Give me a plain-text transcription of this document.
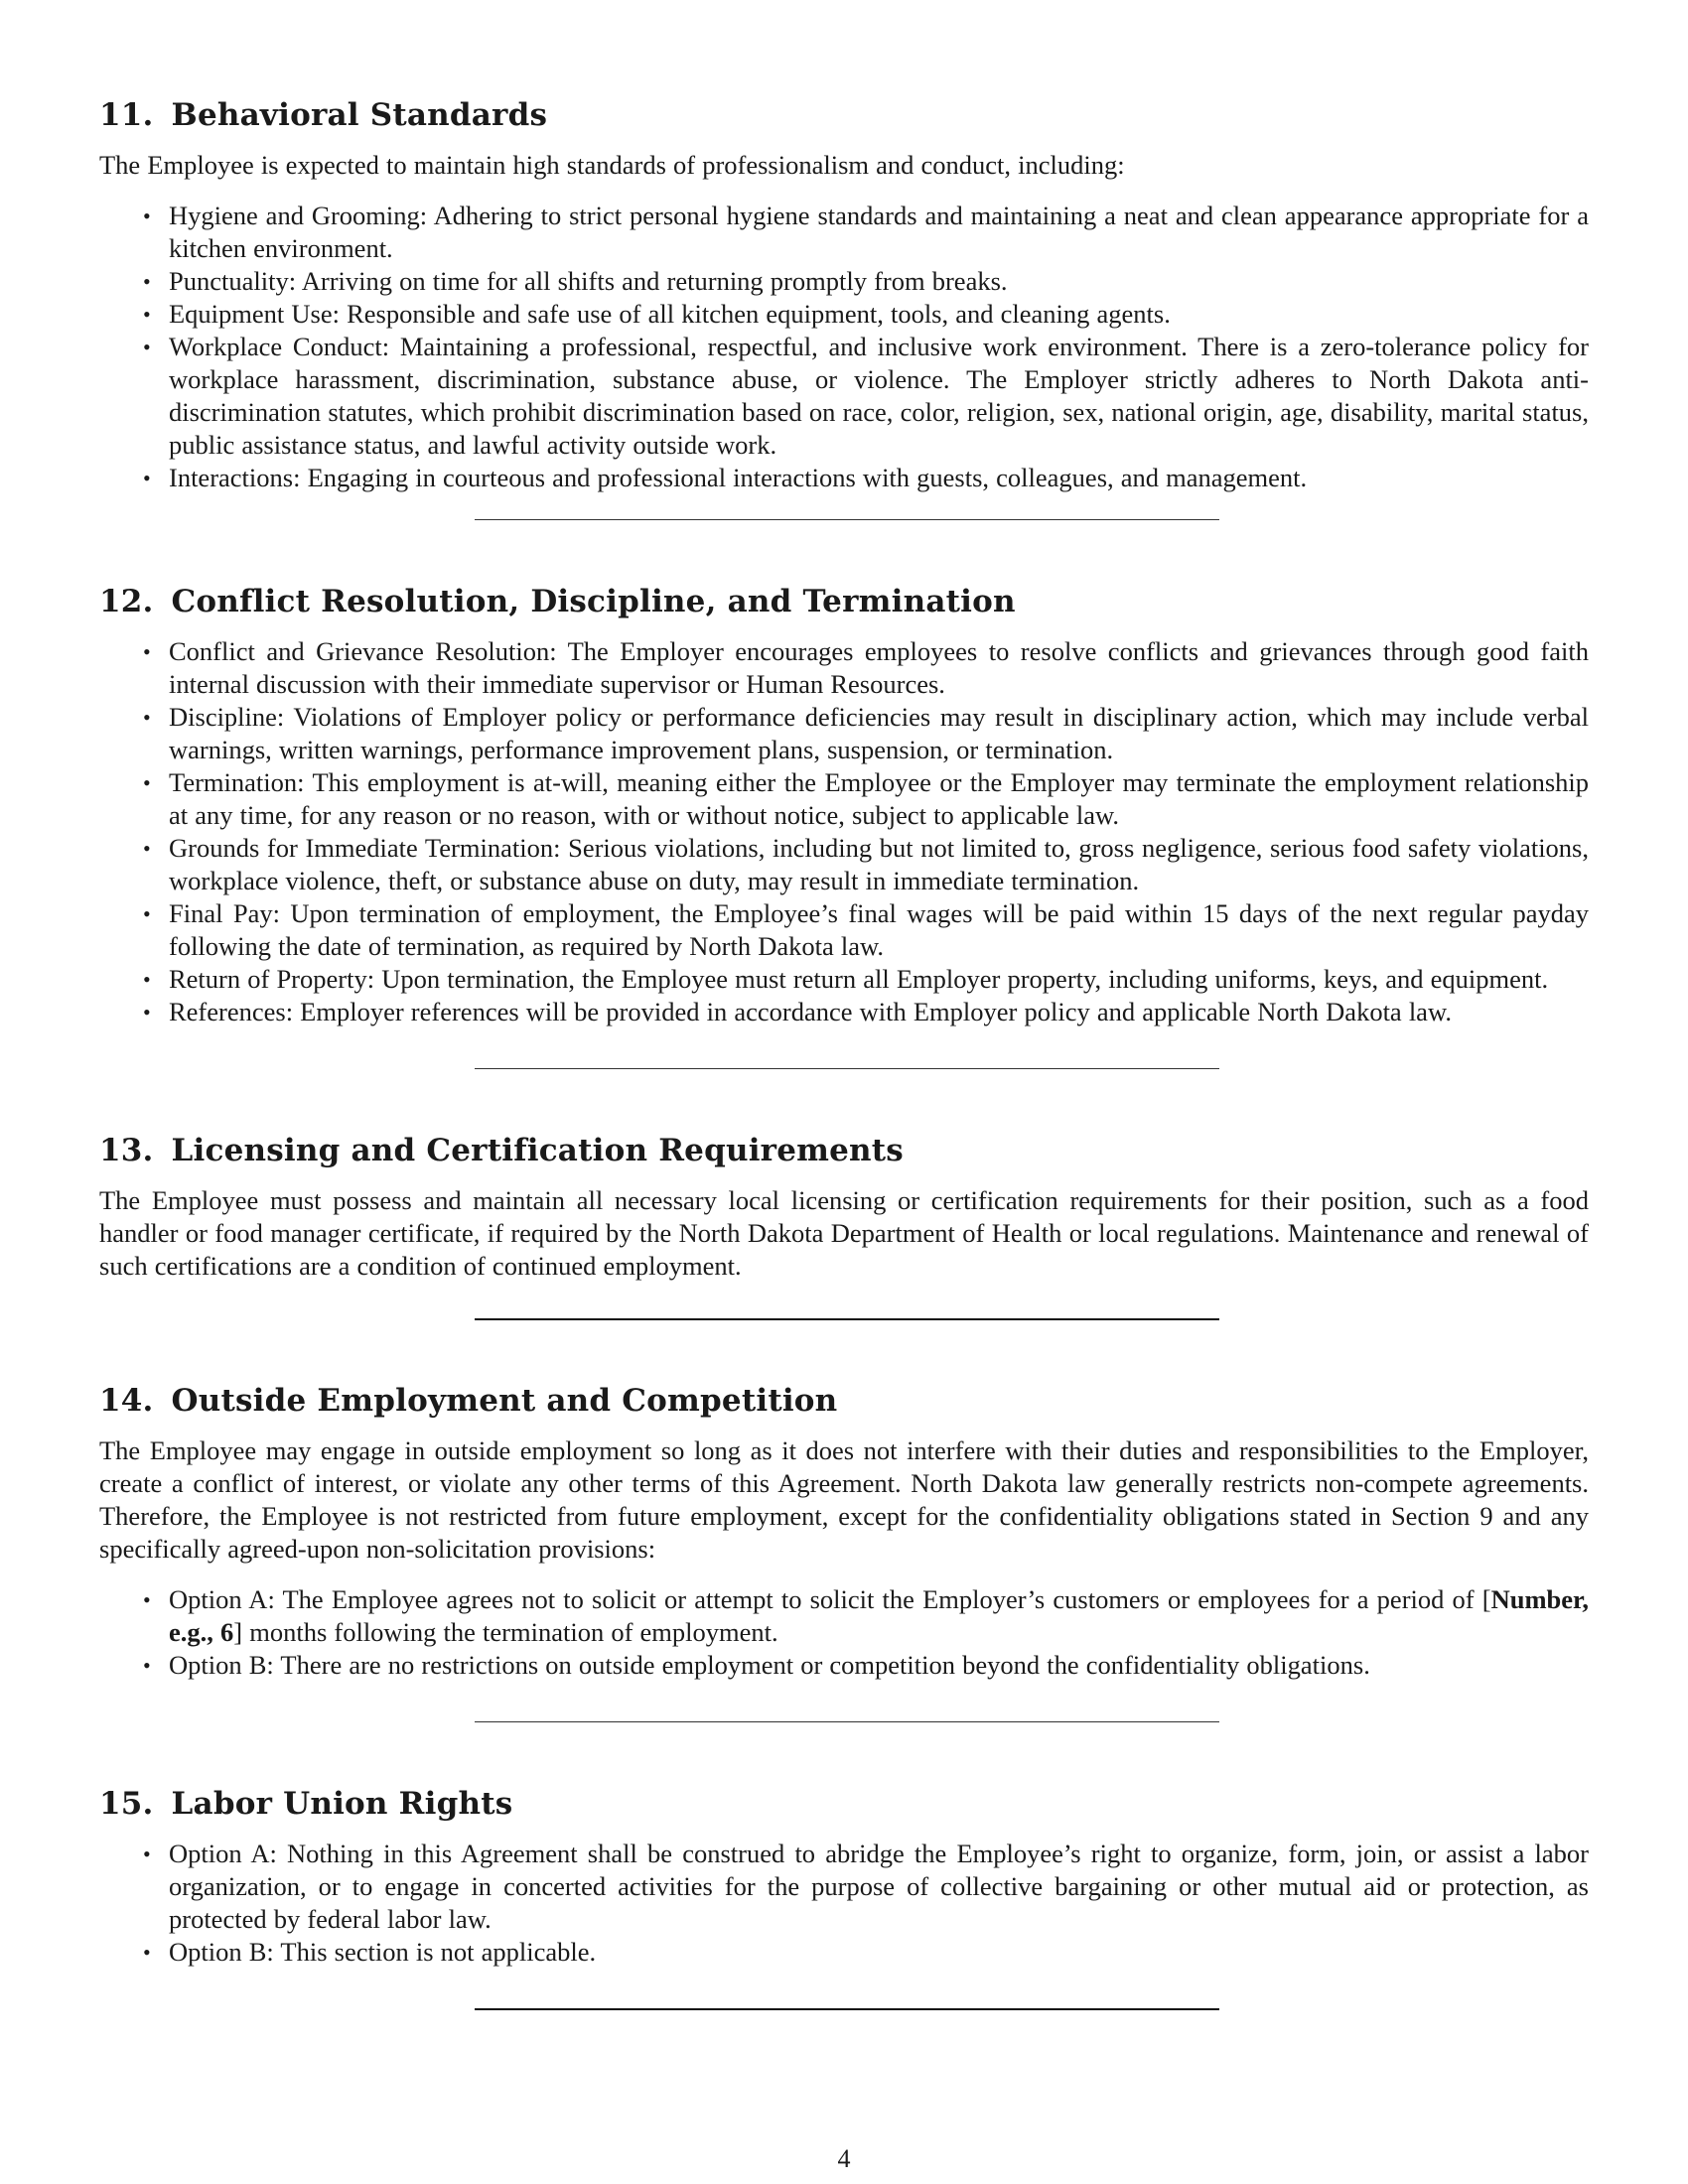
11. Behavioral Standards

The Employee is expected to maintain high standards of professionalism and conduct, including:

• Hygiene and Grooming: Adhering to strict personal hygiene standards and maintaining a neat and clean appearance appropriate for a kitchen environment.
• Punctuality: Arriving on time for all shifts and returning promptly from breaks.
• Equipment Use: Responsible and safe use of all kitchen equipment, tools, and cleaning agents.
• Workplace Conduct: Maintaining a professional, respectful, and inclusive work environment. There is a zero-tolerance policy for workplace harassment, discrimination, substance abuse, or violence. The Employer strictly adheres to North Dakota anti-discrimination statutes, which prohibit discrimination based on race, color, religion, sex, national origin, age, disability, marital status, public assistance status, and lawful activity outside work.
• Interactions: Engaging in courteous and professional interactions with guests, colleagues, and management.
12. Conflict Resolution, Discipline, and Termination
• Conflict and Grievance Resolution: The Employer encourages employees to resolve conflicts and grievances through good faith internal discussion with their immediate supervisor or Human Resources.
• Discipline: Violations of Employer policy or performance deficiencies may result in disciplinary action, which may include verbal warnings, written warnings, performance improvement plans, suspension, or termination.
• Termination: This employment is at-will, meaning either the Employee or the Employer may terminate the employment relationship at any time, for any reason or no reason, with or without notice, subject to applicable law.
• Grounds for Immediate Termination: Serious violations, including but not limited to, gross negligence, serious food safety violations, workplace violence, theft, or substance abuse on duty, may result in immediate termination.
• Final Pay: Upon termination of employment, the Employee’s final wages will be paid within 15 days of the next regular payday following the date of termination, as required by North Dakota law.
• Return of Property: Upon termination, the Employee must return all Employer property, including uniforms, keys, and equipment.
• References: Employer references will be provided in accordance with Employer policy and applicable North Dakota law.
13. Licensing and Certification Requirements

The Employee must possess and maintain all necessary local licensing or certification requirements for their position, such as a food handler or food manager certificate, if required by the North Dakota Department of Health or local regulations. Maintenance and renewal of such certifications are a condition of continued employment.

14. Outside Employment and Competition

The Employee may engage in outside employment so long as it does not interfere with their duties and responsibilities to the Employer, create a conflict of interest, or violate any other terms of this Agreement. North Dakota law generally restricts non-compete agreements. Therefore, the Employee is not restricted from future employment, except for the confidentiality obligations stated in Section 9 and any specifically agreed-upon non-solicitation provisions:

• Option A: The Employee agrees not to solicit or attempt to solicit the Employer’s customers or employees for a period of [Number, e.g., 6] months following the termination of employment.
• Option B: There are no restrictions on outside employment or competition beyond the confidentiality obligations.
15. Labor Union Rights
• Option A: Nothing in this Agreement shall be construed to abridge the Employee’s right to organize, form, join, or assist a labor organization, or to engage in concerted activities for the purpose of collective bargaining or other mutual aid or protection, as protected by federal labor law.
• Option B: This section is not applicable.
4
